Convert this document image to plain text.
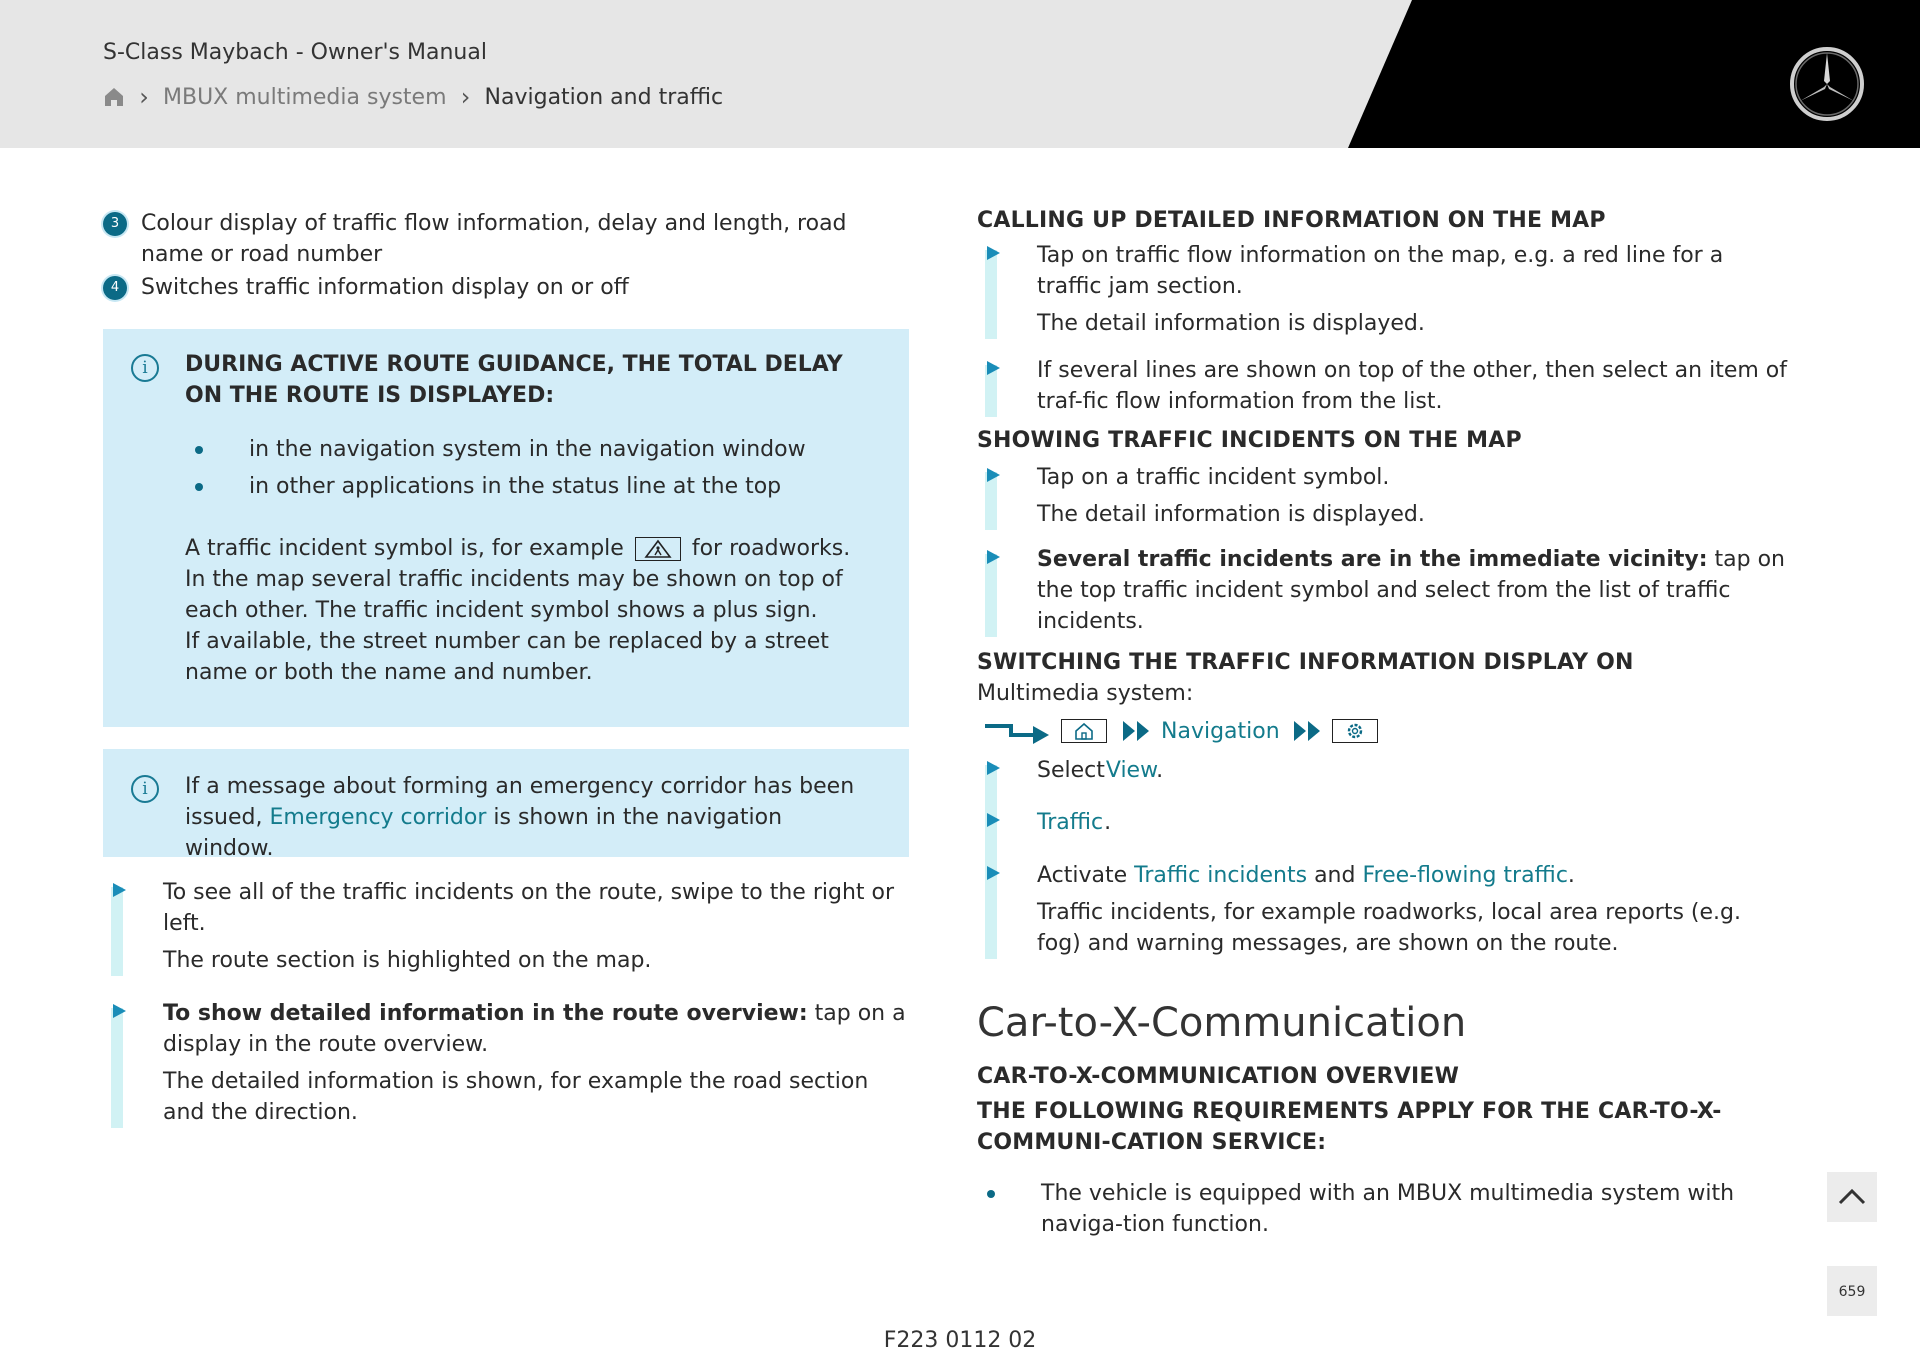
S-Class Maybach - Owner's Manual
› MBUX multimedia system › Navigation and traffic
3 Colour display of traffic flow information, delay and length, road name or road number
4 Switches traffic information display on or off
i	DURING ACTIVE ROUTE GUIDANCE, THE TOTAL DELAY ON THE ROUTE IS DISPLAYED:
in the navigation system in the navigation window
in other applications in the status line at the top
A traffic incident symbol is, for example	for roadworks.
In the map several traffic incidents may be shown on top of each other. The traffic incident symbol shows a plus sign.
If available, the street number can be replaced by a street name or both the name and number.
i	If a message about forming an emergency corridor has been issued, Emergency corridor is shown in the navigation window.
To see all of the traffic incidents on the route, swipe to the right or left.
The route section is highlighted on the map.
To show detailed information in the route overview: tap on a display in the route overview.
The detailed information is shown, for example the road section and the direction.
CALLING UP DETAILED INFORMATION ON THE MAP
Tap on traffic flow information on the map, e.g. a red line for a traffic jam section.
The detail information is displayed.
If several lines are shown on top of the other, then select an item of traf-fic flow information from the list.
SHOWING TRAFFIC INCIDENTS ON THE MAP
Tap on a traffic incident symbol.
The detail information is displayed.
Several traffic incidents are in the immediate vicinity: tap on the top traffic incident symbol and select from the list of traffic incidents.
SWITCHING THE TRAFFIC INFORMATION DISPLAY ON
Multimedia system:
Navigation
Select View.
Traffic .
Activate Traffic incidents and Free-flowing traffic.
Traffic incidents, for example roadworks, local area reports (e.g. fog) and warning messages, are shown on the route.
Car-to-X-Communication
CAR-TO-X-COMMUNICATION OVERVIEW
THE FOLLOWING REQUIREMENTS APPLY FOR THE CAR-TO-X-COMMUNI-CATION SERVICE:
The vehicle is equipped with an MBUX multimedia system with naviga-tion function.
659
F223 0112 02
